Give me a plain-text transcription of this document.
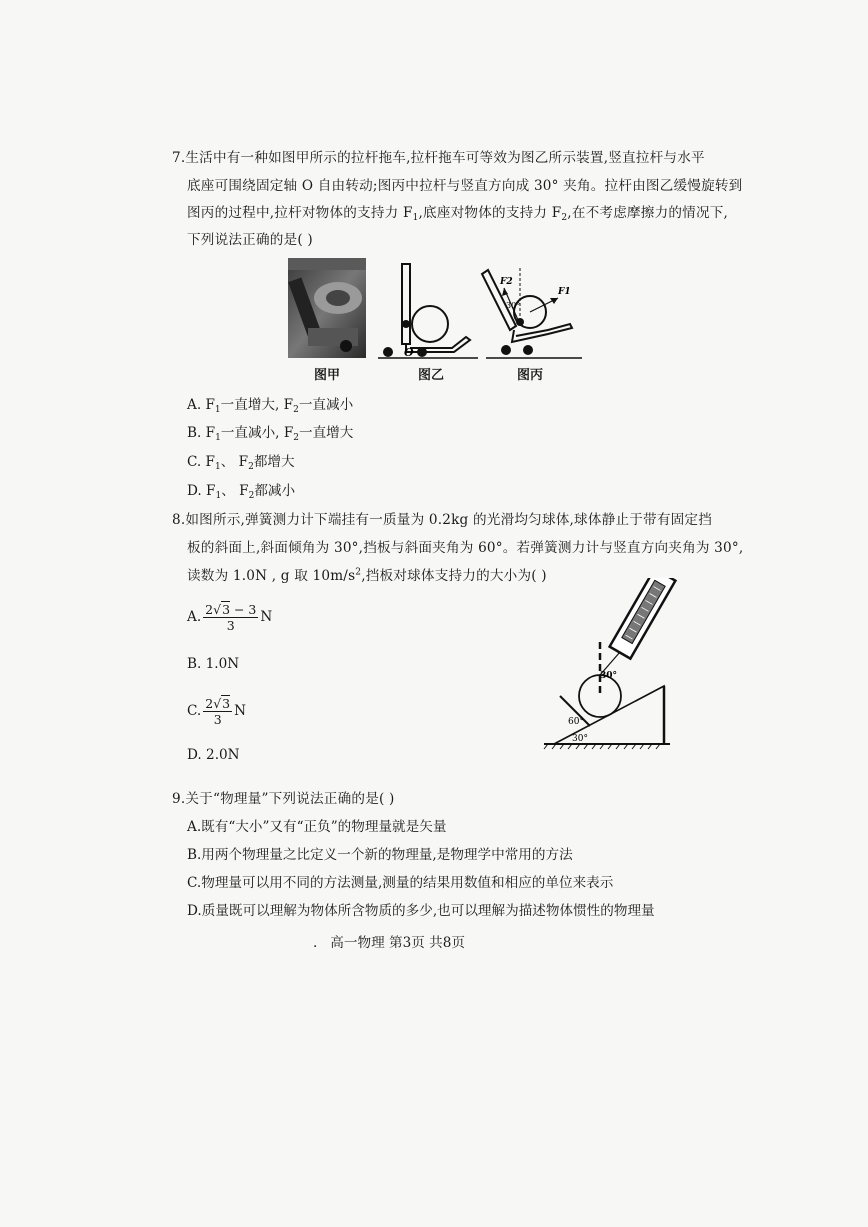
7.生活中有一种如图甲所示的拉杆拖车,拉杆拖车可等效为图乙所示装置,竖直拉杆与水平
底座可围绕固定轴 O 自由转动;图丙中拉杆与竖直方向成 30° 夹角。拉杆由图乙缓慢旋转到
图丙的过程中,拉杆对物体的支持力 $F_1$,底座对物体的支持力 $F_2$,在不考虑摩擦力的情况下,
下列说法正确的是( )
图甲
O
图乙
F2
F1
30°
图丙
A. $F_1$一直增大, $F_2$一直减小
B. $F_1$一直减小, $F_2$一直增大
C. $F_1$、 $F_2$都增大
D. $F_1$、 $F_2$都减小
8.如图所示,弹簧测力计下端挂有一质量为 0.2kg 的光滑均匀球体,球体静止于带有固定挡
板的斜面上,斜面倾角为 30°,挡板与斜面夹角为 60°。若弹簧测力计与竖直方向夹角为 30°,
读数为 1.0N , g 取 $10m/s^2$,挡板对球体支持力的大小为( )
A. $\frac{2√3 - 3}{3}$ N
B. 1.0N
C. $\frac{2√3}{3}$ N
D. 2.0N
30°
60°
30°
9.关于“物理量”下列说法正确的是( )
A.既有“大小”又有“正负”的物理量就是矢量
B.用两个物理量之比定义一个新的物理量,是物理学中常用的方法
C.物理量可以用不同的方法测量,测量的结果用数值和相应的单位来表示
D.质量既可以理解为物体所含物质的多少,也可以理解为描述物体惯性的物理量
. 高一物理 第3页 共8页
